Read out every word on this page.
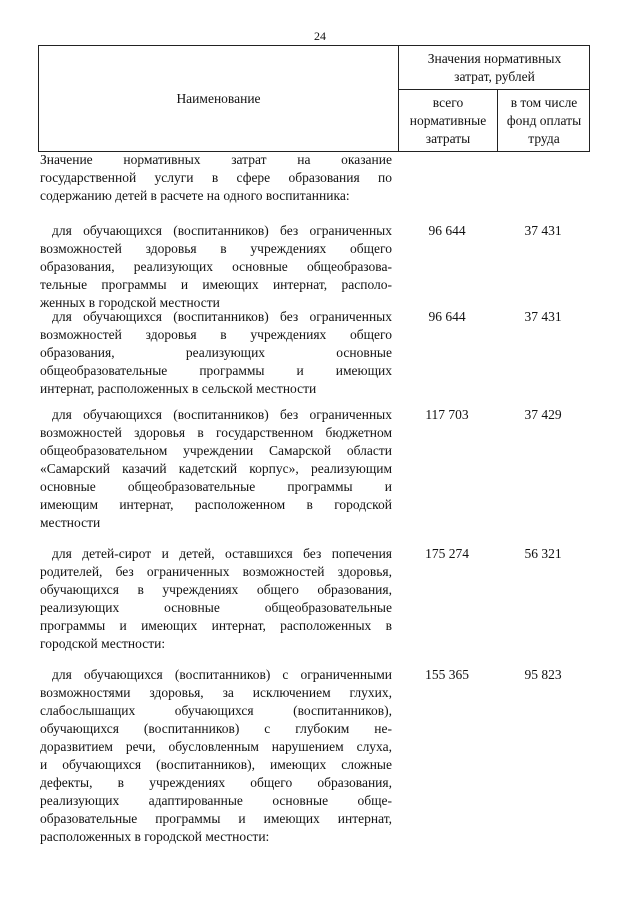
24
Наименование
Значения нормативных
затрат, рублей
всего
нормативные
затраты
в том числе
фонд оплаты
труда
Значение нормативных затрат на оказание
государственной услуги в сфере образования по
содержанию детей в расчете на одного воспитанника:
для обучающихся (воспитанников) без ограниченных
возможностей здоровья в учреждениях общего
образования, реализующих основные общеобразова-
тельные программы и имеющих интернат, располо-
женных в городской местности
96 644	37 431
для обучающихся (воспитанников) без ограниченных
возможностей здоровья в учреждениях общего
образования, реализующих основные
общеобразовательные программы и имеющих
интернат, расположенных в сельской местности
96 644	37 431
для обучающихся (воспитанников) без ограниченных
возможностей здоровья в государственном бюджетном
общеобразовательном учреждении Самарской области
«Самарский казачий кадетский корпус», реализующим
основные общеобразовательные программы и
имеющим интернат, расположенном в городской
местности
117 703	37 429
для детей-сирот и детей, оставшихся без попечения
родителей, без ограниченных возможностей здоровья,
обучающихся в учреждениях общего образования,
реализующих основные общеобразовательные
программы и имеющих интернат, расположенных в
городской местности:
175 274	56 321
для обучающихся (воспитанников) с ограниченными
возможностями здоровья, за исключением глухих,
слабослышащих обучающихся (воспитанников),
обучающихся (воспитанников) с глубоким не-
доразвитием речи, обусловленным нарушением слуха,
и обучающихся (воспитанников), имеющих сложные
дефекты, в учреждениях общего образования,
реализующих адаптированные основные обще-
образовательные программы и имеющих интернат,
расположенных в городской местности:
155 365	95 823
